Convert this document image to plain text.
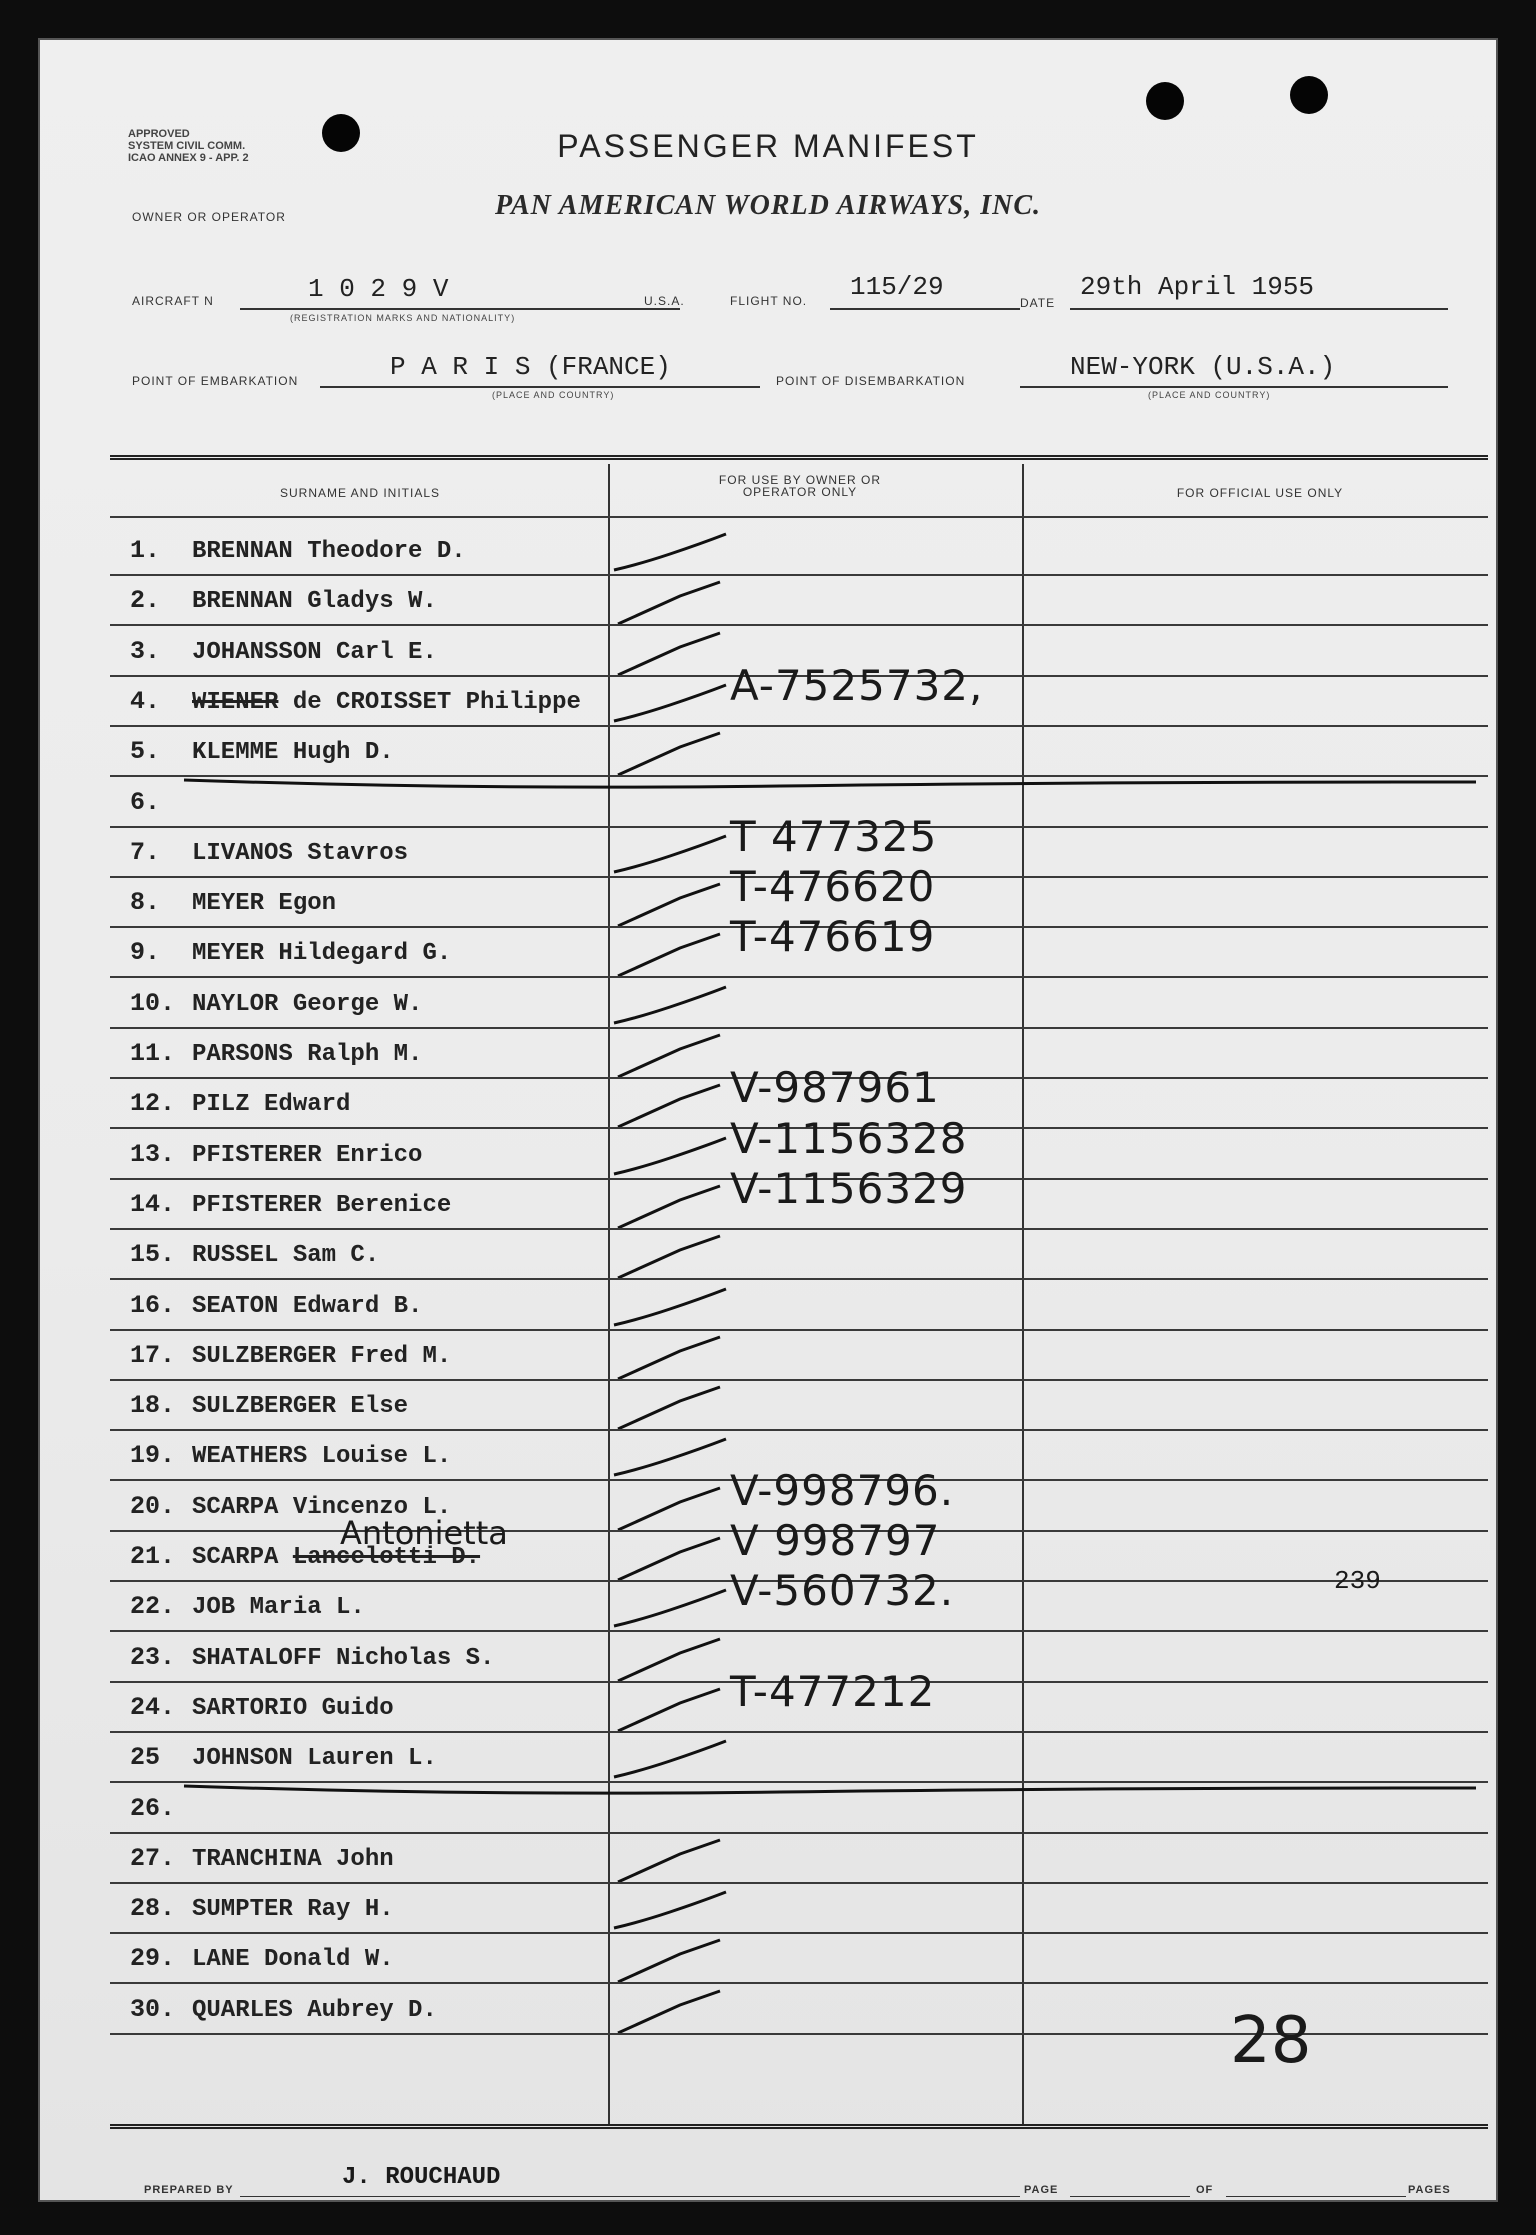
APPROVED
SYSTEM CIVIL COMM.
ICAO ANNEX 9 - APP. 2	PASSENGER MANIFEST
PAN AMERICAN WORLD AIRWAYS, INC.
OWNER OR OPERATOR
AIRCRAFT N	1 0 2 9 V
(REGISTRATION MARKS AND NATIONALITY)
U.S.A.	FLIGHT NO. 115/29
DATE
29th April 1955
POINT OF EMBARKATION	P A R I S (FRANCE)
(PLACE AND COUNTRY)
POINT OF DISEMBARKATION	NEW-YORK (U.S.A.)
(PLACE AND COUNTRY)
SURNAME AND INITIALS
FOR USE BY OWNER OR OPERATOR ONLY	FOR OFFICIAL USE ONLY
1. BRENNAN Theodore D.
2. BRENNAN Gladys W.
3. JOHANSSON Carl E.
4. WIENER de CROISSET Philippe	A-7525732,
5. KLEMME Hugh D.
6.
7. LIVANOS Stavros	T 477325
8. MEYER Egon	T-476620
9. MEYER Hildegard G.	T-476619
10. NAYLOR George W.
11. PARSONS Ralph M.
12. PILZ Edward	V-987961
13. PFISTERER Enrico	V-1156328
14. PFISTERER Berenice	V-1156329
15. RUSSEL Sam C.
16. SEATON Edward B.
17. SULZBERGER Fred M.
18. SULZBERGER Else
19. WEATHERS Louise L.
20. SCARPA Vincenzo L.	V-998796.
21. SCARPA Lancelotti D.	V 998797
22. JOB Maria L.	V-560732.
23. SHATALOFF Nicholas S.
24. SARTORIO Guido	T-477212
25 JOHNSON Lauren L.
26.
27. TRANCHINA John
28. SUMPTER Ray H.
29. LANE Donald W.
30. QUARLES Aubrey D.
Antonietta
239
28
PREPARED BY	J. ROUCHAUD	PAGE	OF	PAGES
